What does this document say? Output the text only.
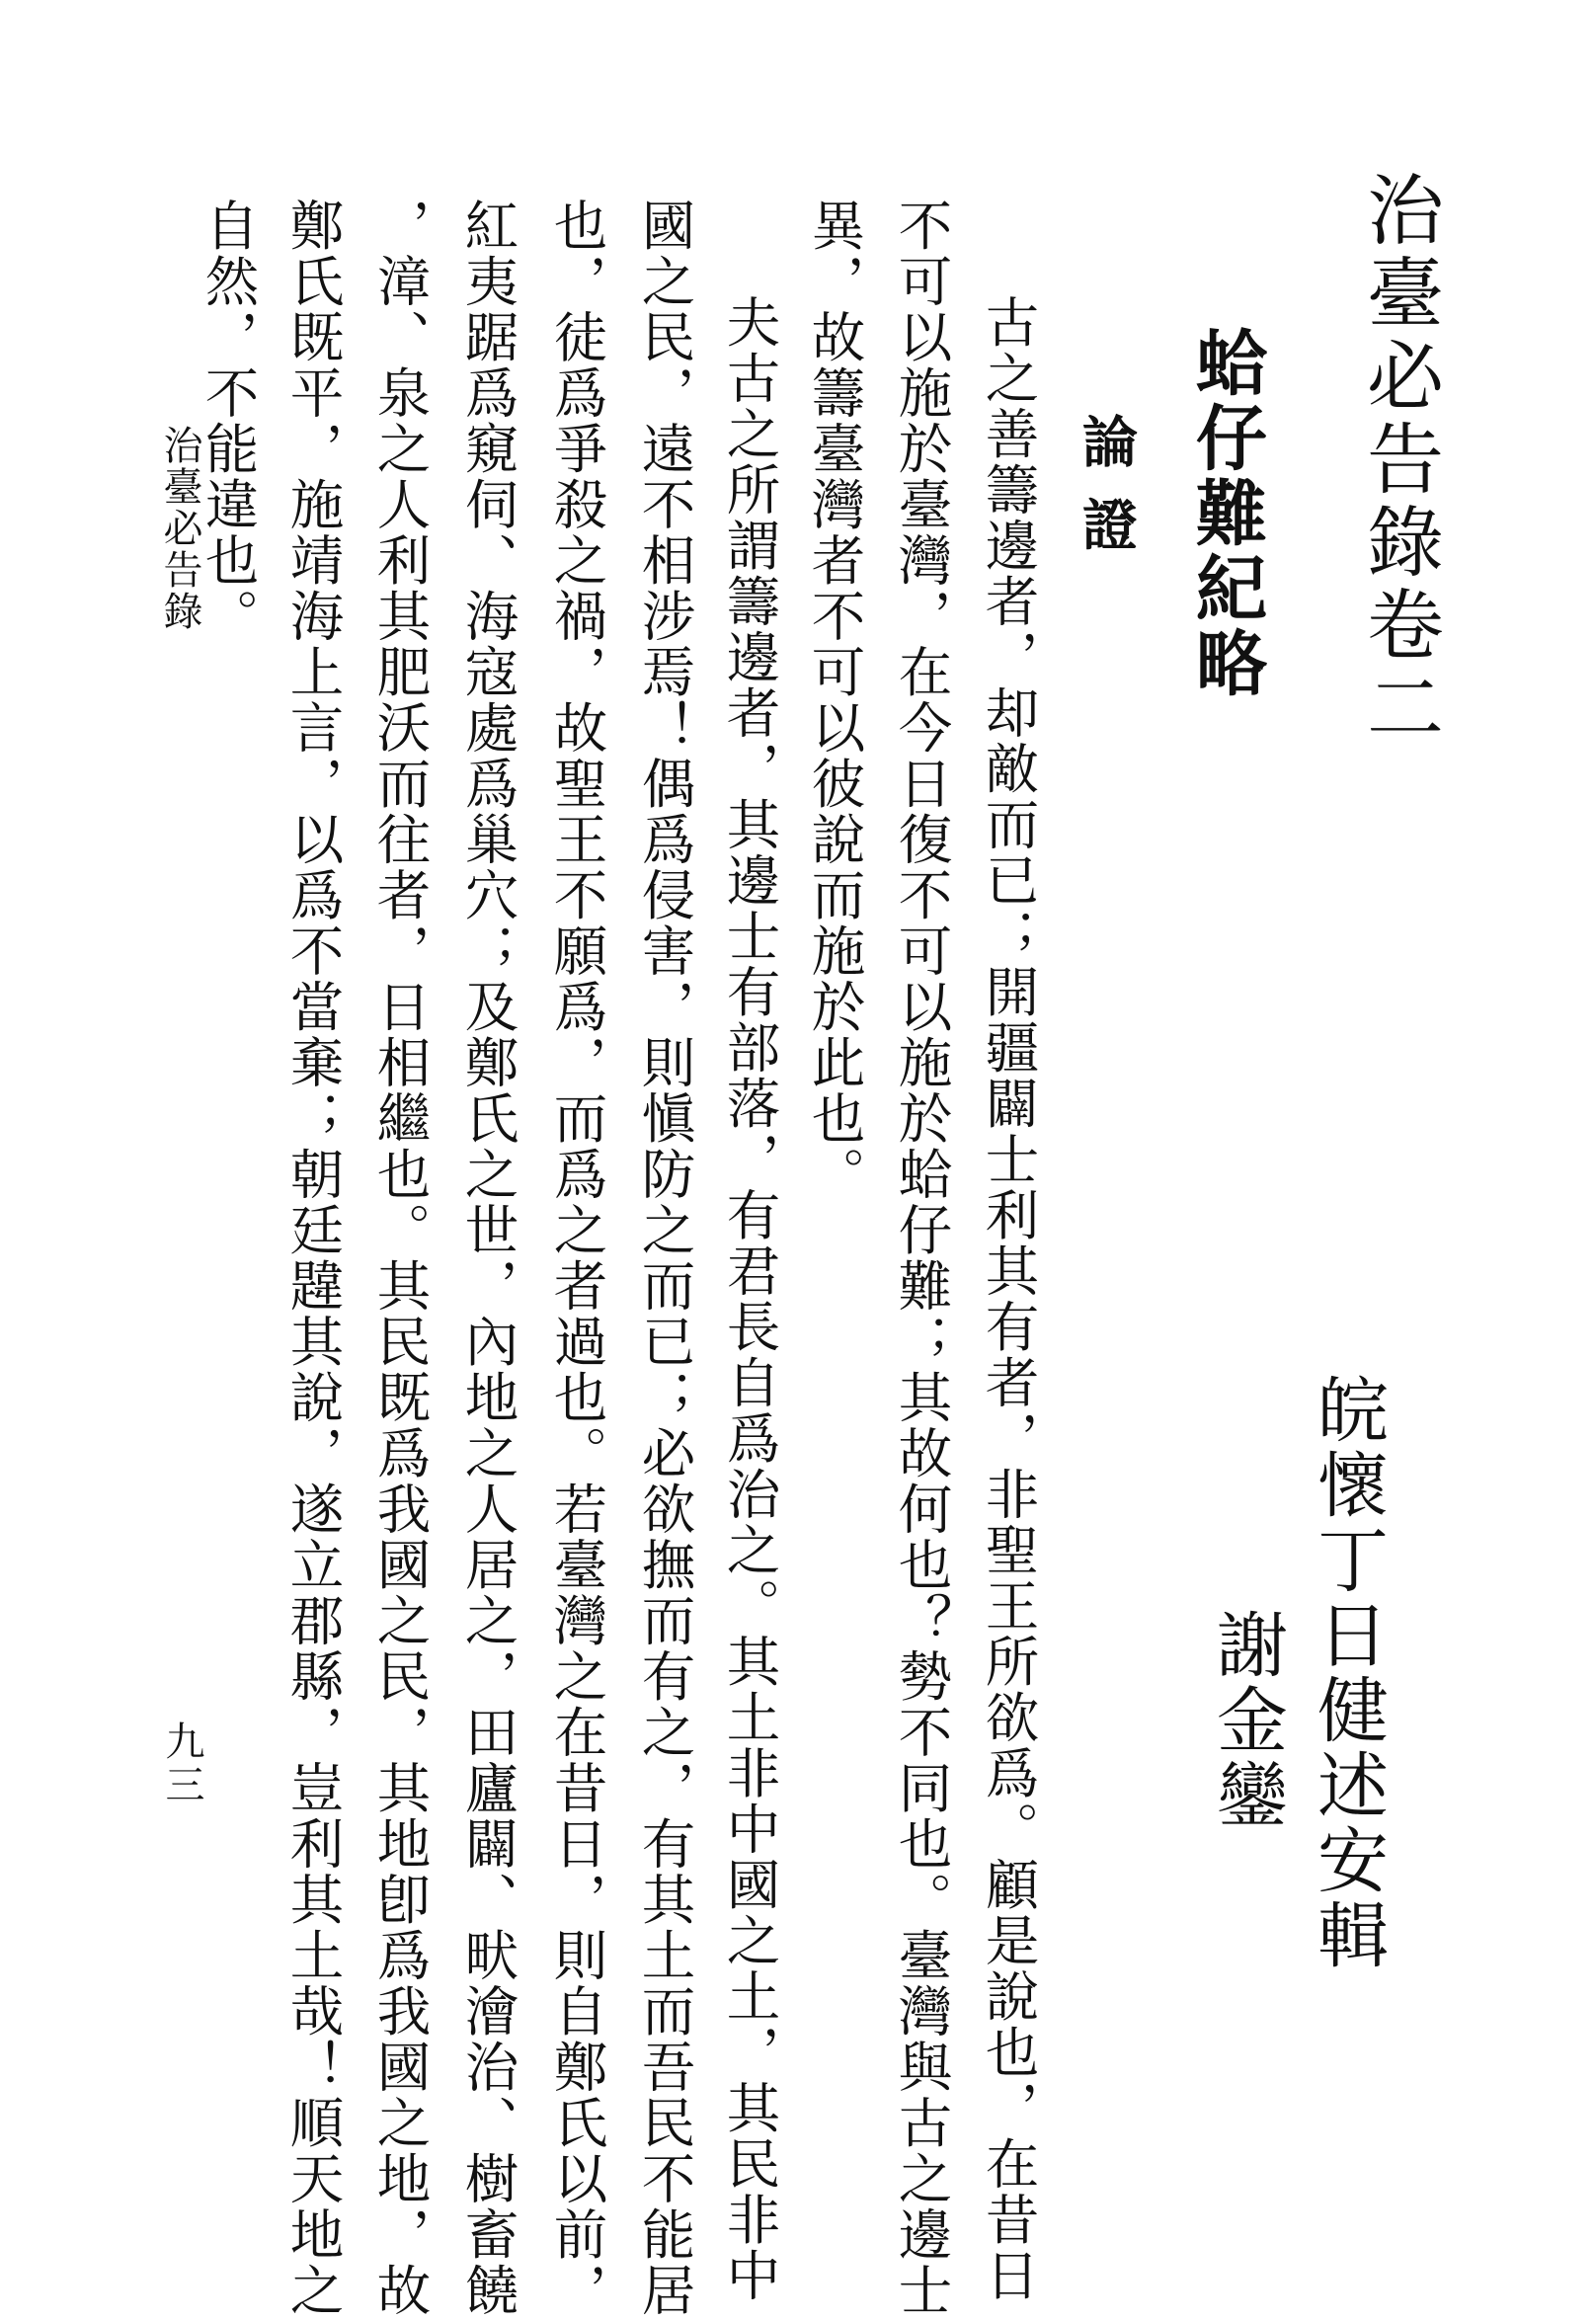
治臺必告錄卷二
皖懷丁日健述安輯
謝金鑾
蛤仔難紀略
論證
古之善籌邊者，却敵而已；開疆闢士利其有者，非聖王所欲爲。顧是說也，在昔日
不可以施於臺灣，在今日復不可以施於蛤仔難；其故何也？勢不同也。臺灣與古之邊士
異，故籌臺灣者不可以彼說而施於此也。
夫古之所謂籌邊者，其邊士有部落，有君長自爲治之。其土非中國之土，其民非中
國之民，遠不相涉焉！偶爲侵害，則愼防之而已；必欲撫而有之，有其土而吾民不能居
也，徒爲爭殺之禍，故聖王不願爲，而爲之者過也。若臺灣之在昔日，則自鄭氏以前，
紅夷踞爲窺伺、海寇處爲巢穴；及鄭氏之世，內地之人居之，田廬闢、畎澮治、樹畜饒
，漳、泉之人利其肥沃而往者，日相繼也。其民既爲我國之民，其地卽爲我國之地，故
鄭氏既平，施靖海上言，以爲不當棄；朝廷韙其說，遂立郡縣，豈利其土哉！順天地之
自然，不能違也。
治臺必告錄
九三
